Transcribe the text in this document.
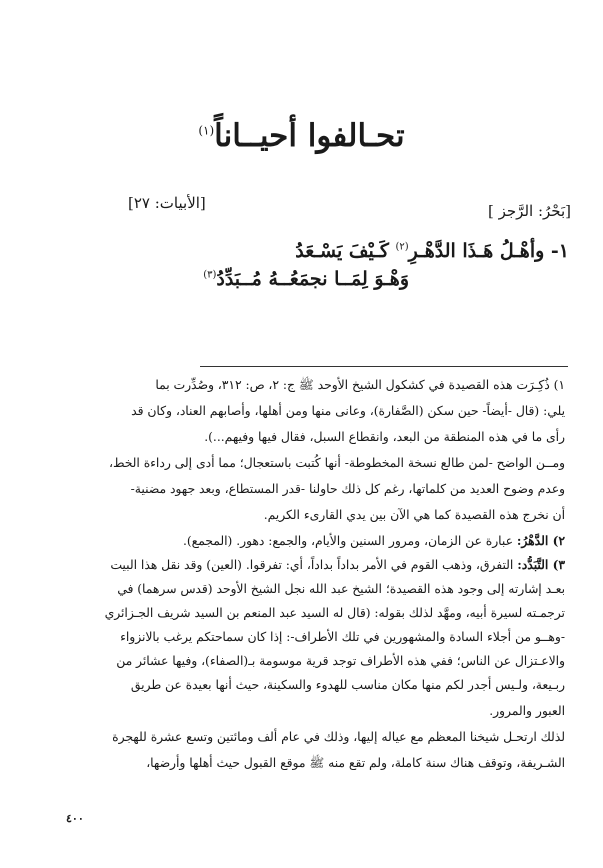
تحـالفوا أحيــاناً$^{(١)}$
[بَحْرُ: الرَّجز ]
[الأبيات: ٢٧]
١- وأهْـلُ هَـذَا الدَّهْـرِ$^{(٢)}$ كَـيْفَ يَسْـعَدُ
وَهْـوَ لِمَــا نجمَعُــهُ مُــبَدِّدُ$^{(٣)}$
١) ذُكِـرَت هذه القصيدة في كشكول الشيخ الأوحد ﷺ ج: ٢، ص: ٣١٢، وصُدِّرت بما
يلي: (قال -أيضاً- حين سكن (الصَّفارة)، وعانى منها ومن أهلها، وأصابهم العناد، وكان قد
رأى ما في هذه المنطقة من البعد، وانقطاع السبل، فقال فيها وفيهم...).
ومــن الواضح -لمن طالع نسخة المخطوطة- أنها كُتبت باستعجال؛ مما أدى إلى رداءة الخط،
وعدم وضوح العديد من كلماتها، رغم كل ذلك حاولنا -قدر المستطاع، وبعد جهود مضنية-
أن نخرج هذه القصيدة كما هي الآن بين يدي القارىء الكريم.
٢) الدَّهْرُ: عبارة عن الزمان، ومرور السنين والأيام، والجمع: دهور. (المجمع).
٣) التَّبَدُّد: التفرق، وذهب القوم في الأمر بداداً بداداً، أي: تفرقوا. (العين) وقد نقل هذا البيت
بعـد إشارته إلى وجود هذه القصيدة؛ الشيخ عبد الله نجل الشيخ الأوحد (قدس سرهما) في
ترجمـته لسيرة أبيه، ومهَّد لذلك بقوله: (قال له السيد عبد المنعم بن السيد شريف الجـزائري
-وهــو من أجلاء السادة والمشهورين في تلك الأطراف-: إذا كان سماحتكم يرغب بالانزواء
والاعـتزال عن الناس؛ ففي هذه الأطراف توجد قرية موسومة بـ(الصفاء)، وفيها عشائر من
ربـيعة، ولـيس أجدر لكم منها مكان مناسب للهدوء والسكينة، حيث أنها بعيدة عن طريق
العبور والمرور.
لذلك ارتحـل شيخنا المعظم مع عياله إليها، وذلك في عام ألف ومائتين وتسع عشرة للهجرة
الشـريفة، وتوقف هناك سنة كاملة، ولم تقع منه ﷺ موقع القبول حيث أهلها وأرضها،
٤٠٠
